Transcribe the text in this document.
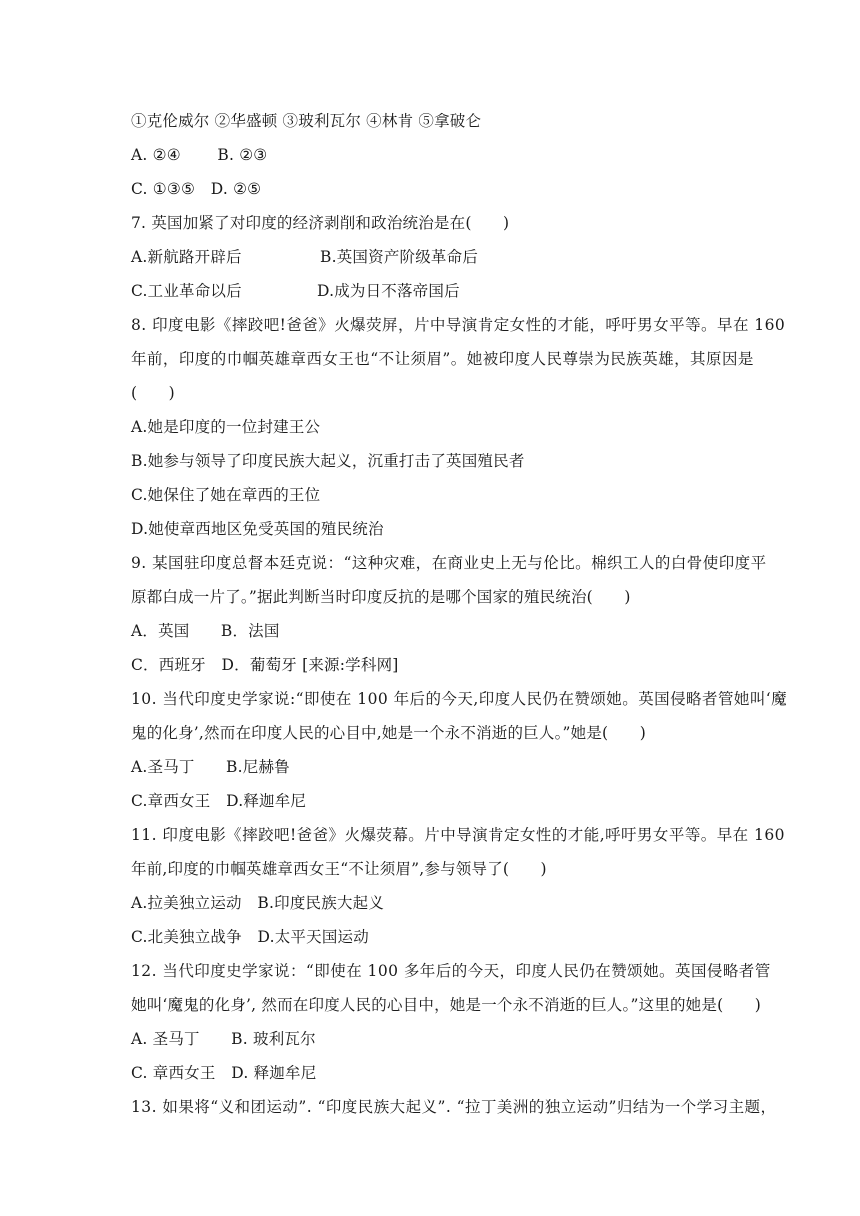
①克伦威尔 ②华盛顿 ③玻利瓦尔 ④林肯 ⑤拿破仑
A. ②④　　 B. ②③
C. ①③⑤　D. ②⑤
7. 英国加紧了对印度的经济剥削和政治统治是在(　　)
A.新航路开辟后	B.英国资产阶级革命后
C.工业革命以后	D.成为日不落帝国后
8. 印度电影《摔跤吧!爸爸》火爆荧屏，片中导演肯定女性的才能，呼吁男女平等。早在 160
年前，印度的巾帼英雄章西女王也“不让须眉”。她被印度人民尊崇为民族英雄，其原因是
(　　)
A.她是印度的一位封建王公
B.她参与领导了印度民族大起义，沉重打击了英国殖民者
C.她保住了她在章西的王位
D.她使章西地区免受英国的殖民统治
9. 某国驻印度总督本廷克说：“这种灾难，在商业史上无与伦比。棉织工人的白骨使印度平
原都白成一片了。”据此判断当时印度反抗的是哪个国家的殖民统治(　　)
A．英国　　B．法国
C．西班牙　D．葡萄牙 [来源:学科网]
10. 当代印度史学家说:“即使在 100 年后的今天,印度人民仍在赞颂她。英国侵略者管她叫‘魔
鬼的化身’,然而在印度人民的心目中,她是一个永不消逝的巨人。”她是(　　)
A.圣马丁　　B.尼赫鲁
C.章西女王　D.释迦牟尼
11. 印度电影《摔跤吧!爸爸》火爆荧幕。片中导演肯定女性的才能,呼吁男女平等。早在 160
年前,印度的巾帼英雄章西女王“不让须眉”,参与领导了(　　)
A.拉美独立运动　B.印度民族大起义
C.北美独立战争　D.太平天国运动
12. 当代印度史学家说：“即使在 100 多年后的今天，印度人民仍在赞颂她。英国侵略者管
她叫‘魔鬼的化身’, 然而在印度人民的心目中，她是一个永不消逝的巨人。”这里的她是(　　)
A. 圣马丁　　B. 玻利瓦尔
C. 章西女王　D. 释迦牟尼
13. 如果将“义和团运动”. “印度民族大起义”. “拉丁美洲的独立运动”归结为一个学习主题，
